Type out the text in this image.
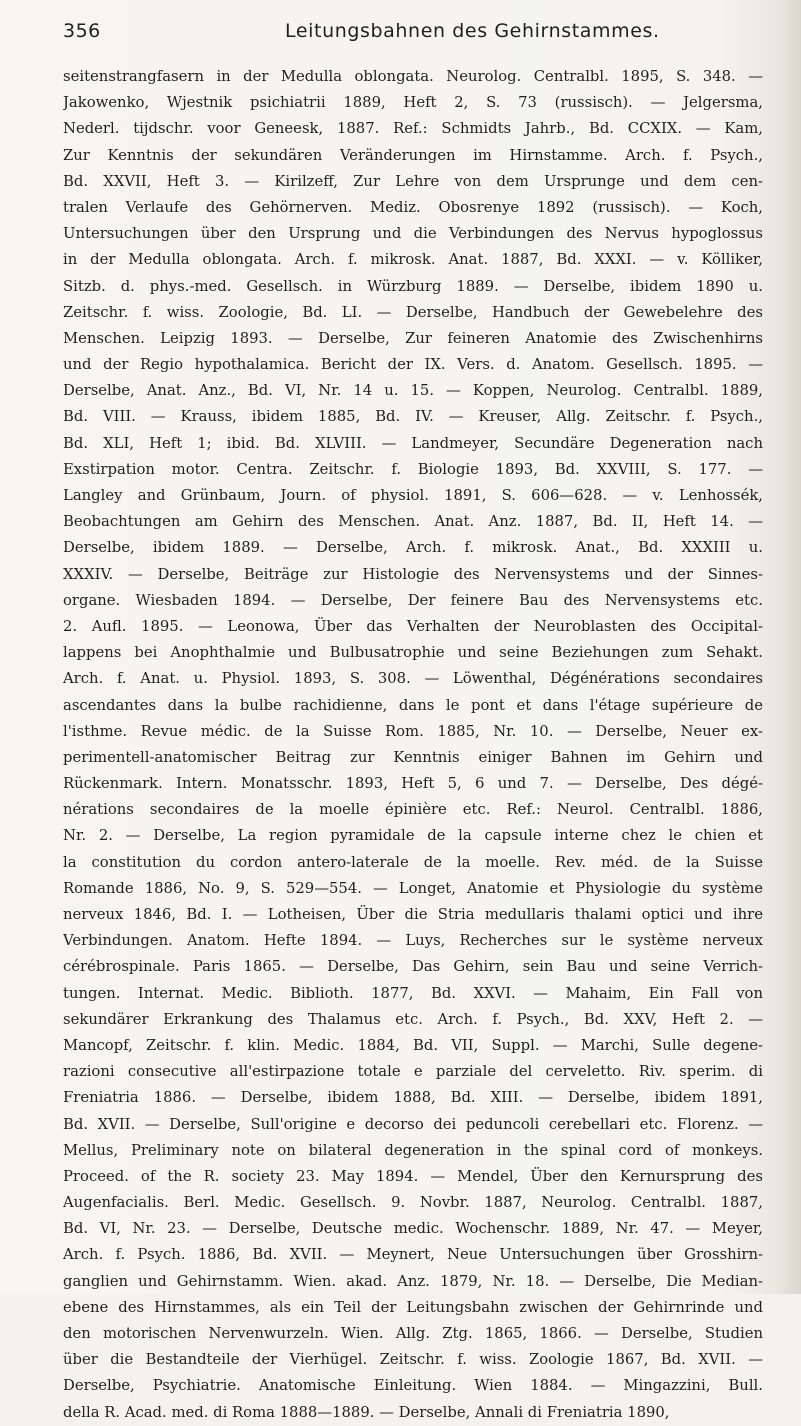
356	Leitungsbahnen des Gehirnstammes.
seitenstrangfasern in der Medulla oblongata. Neurolog. Centralbl. 1895, S. 348. —
Jakowenko, Wjestnik psichiatrii 1889, Heft 2, S. 73 (russisch). — Jelgersma,
Nederl. tijdschr. voor Geneesk, 1887. Ref.: Schmidts Jahrb., Bd. CCXIX. — Kam,
Zur Kenntnis der sekundären Veränderungen im Hirnstamme. Arch. f. Psych.,
Bd. XXVII, Heft 3. — Kirilzeff, Zur Lehre von dem Ursprunge und dem cen-
tralen Verlaufe des Gehörnerven. Mediz. Obosrenye 1892 (russisch). — Koch,
Untersuchungen über den Ursprung und die Verbindungen des Nervus hypoglossus
in der Medulla oblongata. Arch. f. mikrosk. Anat. 1887, Bd. XXXI. — v. Kölliker,
Sitzb. d. phys.-med. Gesellsch. in Würzburg 1889. — Derselbe, ibidem 1890 u.
Zeitschr. f. wiss. Zoologie, Bd. LI. — Derselbe, Handbuch der Gewebelehre des
Menschen. Leipzig 1893. — Derselbe, Zur feineren Anatomie des Zwischenhirns
und der Regio hypothalamica. Bericht der IX. Vers. d. Anatom. Gesellsch. 1895. —
Derselbe, Anat. Anz., Bd. VI, Nr. 14 u. 15. — Koppen, Neurolog. Centralbl. 1889,
Bd. VIII. — Krauss, ibidem 1885, Bd. IV. — Kreuser, Allg. Zeitschr. f. Psych.,
Bd. XLI, Heft 1; ibid. Bd. XLVIII. — Landmeyer, Secundäre Degeneration nach
Exstirpation motor. Centra. Zeitschr. f. Biologie 1893, Bd. XXVIII, S. 177. —
Langley and Grünbaum, Journ. of physiol. 1891, S. 606—628. — v. Lenhossék,
Beobachtungen am Gehirn des Menschen. Anat. Anz. 1887, Bd. II, Heft 14. —
Derselbe, ibidem 1889. — Derselbe, Arch. f. mikrosk. Anat., Bd. XXXIII u.
XXXIV. — Derselbe, Beiträge zur Histologie des Nervensystems und der Sinnes-
organe. Wiesbaden 1894. — Derselbe, Der feinere Bau des Nervensystems etc.
2. Aufl. 1895. — Leonowa, Über das Verhalten der Neuroblasten des Occipital-
lappens bei Anophthalmie und Bulbusatrophie und seine Beziehungen zum Sehakt.
Arch. f. Anat. u. Physiol. 1893, S. 308. — Löwenthal, Dégénérations secondaires
ascendantes dans la bulbe rachidienne, dans le pont et dans l'étage supérieure de
l'isthme. Revue médic. de la Suisse Rom. 1885, Nr. 10. — Derselbe, Neuer ex-
perimentell-anatomischer Beitrag zur Kenntnis einiger Bahnen im Gehirn und
Rückenmark. Intern. Monatsschr. 1893, Heft 5, 6 und 7. — Derselbe, Des dégé-
nérations secondaires de la moelle épinière etc. Ref.: Neurol. Centralbl. 1886,
Nr. 2. — Derselbe, La region pyramidale de la capsule interne chez le chien et
la constitution du cordon antero-laterale de la moelle. Rev. méd. de la Suisse
Romande 1886, No. 9, S. 529—554. — Longet, Anatomie et Physiologie du système
nerveux 1846, Bd. I. — Lotheisen, Über die Stria medullaris thalami optici und ihre
Verbindungen. Anatom. Hefte 1894. — Luys, Recherches sur le système nerveux
cérébrospinale. Paris 1865. — Derselbe, Das Gehirn, sein Bau und seine Verrich-
tungen. Internat. Medic. Biblioth. 1877, Bd. XXVI. — Mahaim, Ein Fall von
sekundärer Erkrankung des Thalamus etc. Arch. f. Psych., Bd. XXV, Heft 2. —
Mancopf, Zeitschr. f. klin. Medic. 1884, Bd. VII, Suppl. — Marchi, Sulle degene-
razioni consecutive all'estirpazione totale e parziale del cerveletto. Riv. sperim. di
Freniatria 1886. — Derselbe, ibidem 1888, Bd. XIII. — Derselbe, ibidem 1891,
Bd. XVII. — Derselbe, Sull'origine e decorso dei peduncoli cerebellari etc. Florenz. —
Mellus, Preliminary note on bilateral degeneration in the spinal cord of monkeys.
Proceed. of the R. society 23. May 1894. — Mendel, Über den Kernursprung des
Augenfacialis. Berl. Medic. Gesellsch. 9. Novbr. 1887, Neurolog. Centralbl. 1887,
Bd. VI, Nr. 23. — Derselbe, Deutsche medic. Wochenschr. 1889, Nr. 47. — Meyer,
Arch. f. Psych. 1886, Bd. XVII. — Meynert, Neue Untersuchungen über Grosshirn-
ganglien und Gehirnstamm. Wien. akad. Anz. 1879, Nr. 18. — Derselbe, Die Median-
ebene des Hirnstammes, als ein Teil der Leitungsbahn zwischen der Gehirnrinde und
den motorischen Nervenwurzeln. Wien. Allg. Ztg. 1865, 1866. — Derselbe, Studien
über die Bestandteile der Vierhügel. Zeitschr. f. wiss. Zoologie 1867, Bd. XVII. —
Derselbe, Psychiatrie. Anatomische Einleitung. Wien 1884. — Mingazzini, Bull.
della R. Acad. med. di Roma 1888—1889. — Derselbe, Annali di Freniatria 1890,
